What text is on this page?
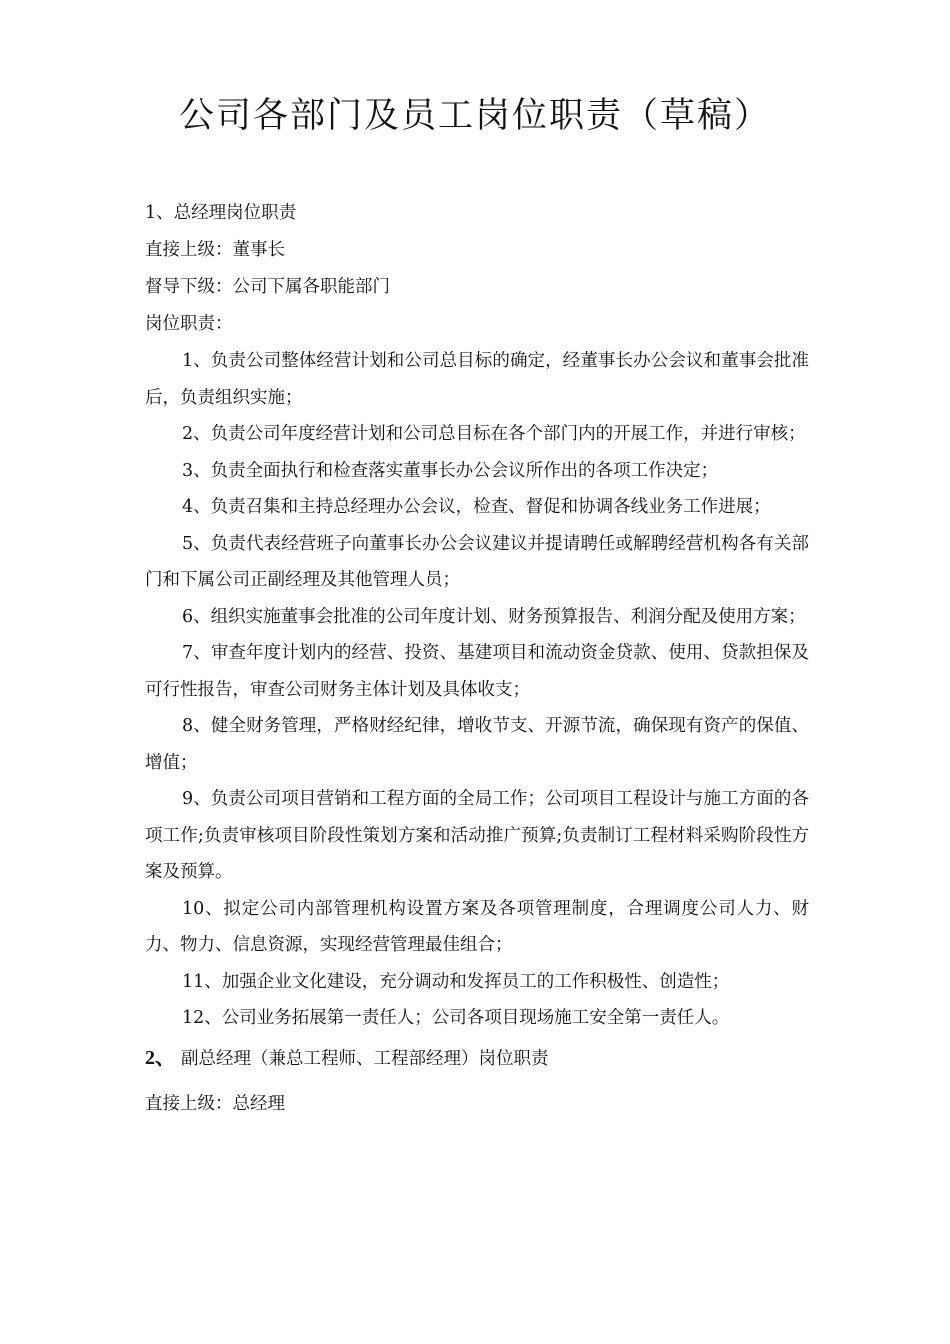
公司各部门及员工岗位职责（草稿）

1、总经理岗位职责

直接上级：董事长

督导下级：公司下属各职能部门

岗位职责：

1、负责公司整体经营计划和公司总目标的确定，经董事长办公会议和董事会批准后，负责组织实施；

2、负责公司年度经营计划和公司总目标在各个部门内的开展工作，并进行审核；

3、负责全面执行和检查落实董事长办公会议所作出的各项工作决定；

4、负责召集和主持总经理办公会议，检查、督促和协调各线业务工作进展；

5、负责代表经营班子向董事长办公会议建议并提请聘任或解聘经营机构各有关部门和下属公司正副经理及其他管理人员；

6、组织实施董事会批准的公司年度计划、财务预算报告、利润分配及使用方案；

7、审查年度计划内的经营、投资、基建项目和流动资金贷款、使用、贷款担保及可行性报告，审查公司财务主体计划及具体收支；

8、健全财务管理，严格财经纪律，增收节支、开源节流，确保现有资产的保值、增值；

9、负责公司项目营销和工程方面的全局工作；公司项目工程设计与施工方面的各项工作;负责审核项目阶段性策划方案和活动推广预算;负责制订工程材料采购阶段性方案及预算。

10、拟定公司内部管理机构设置方案及各项管理制度，合理调度公司人力、财力、物力、信息资源，实现经营管理最佳组合；

11、加强企业文化建设，充分调动和发挥员工的工作积极性、创造性；

12、公司业务拓展第一责任人；公司各项目现场施工安全第一责任人。

2、 副总经理（兼总工程师、工程部经理）岗位职责

直接上级：总经理
